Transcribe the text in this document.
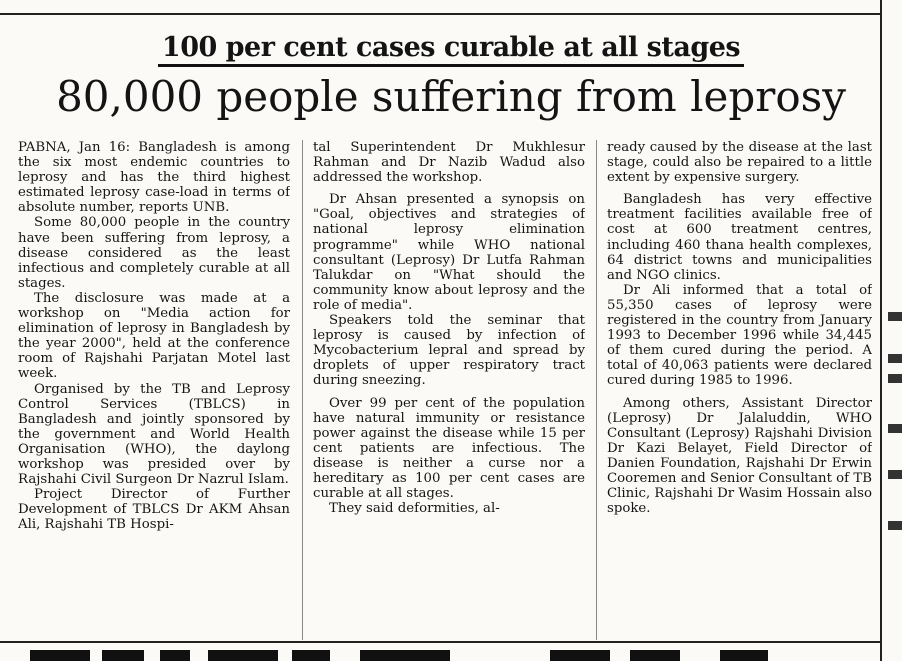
100 per cent cases curable at all stages
80,000 people suffering from leprosy

PABNA, Jan 16: Bangladesh is among the six most endemic countries to leprosy and has the third highest estimated leprosy case-load in terms of absolute number, reports UNB.

Some 80,000 people in the country have been suffering from leprosy, a disease considered as the least infectious and completely curable at all stages.

The disclosure was made at a workshop on "Media action for elimination of leprosy in Bangladesh by the year 2000", held at the conference room of Rajshahi Parjatan Motel last week.

Organised by the TB and Leprosy Control Services (TBLCS) in Bangladesh and jointly sponsored by the government and World Health Organisation (WHO), the daylong workshop was presided over by Rajshahi Civil Surgeon Dr Nazrul Islam.

Project Director of Further Development of TBLCS Dr AKM Ahsan Ali, Rajshahi TB Hospi-

tal Superintendent Dr Mukhlesur Rahman and Dr Nazib Wadud also addressed the workshop.

Dr Ahsan presented a synopsis on "Goal, objectives and strategies of national leprosy elimination programme" while WHO national consultant (Leprosy) Dr Lutfa Rahman Talukdar on "What should the community know about leprosy and the role of media".

Speakers told the seminar that leprosy is caused by infection of Mycobacterium lepral and spread by droplets of upper respiratory tract during sneezing.

Over 99 per cent of the population have natural immunity or resistance power against the disease while 15 per cent patients are infectious. The disease is neither a curse nor a hereditary as 100 per cent cases are curable at all stages.

They said deformities, al-

ready caused by the disease at the last stage, could also be repaired to a little extent by expensive surgery.

Bangladesh has very effective treatment facilities available free of cost at 600 treatment centres, including 460 thana health complexes, 64 district towns and municipalities and NGO clinics.

Dr Ali informed that a total of 55,350 cases of leprosy were registered in the country from January 1993 to December 1996 while 34,445 of them cured during the period. A total of 40,063 patients were declared cured during 1985 to 1996.

Among others, Assistant Director (Leprosy) Dr Jalaluddin, WHO Consultant (Leprosy) Rajshahi Division Dr Kazi Belayet, Field Director of Danien Foundation, Rajshahi Dr Erwin Cooremen and Senior Consultant of TB Clinic, Rajshahi Dr Wasim Hossain also spoke.
